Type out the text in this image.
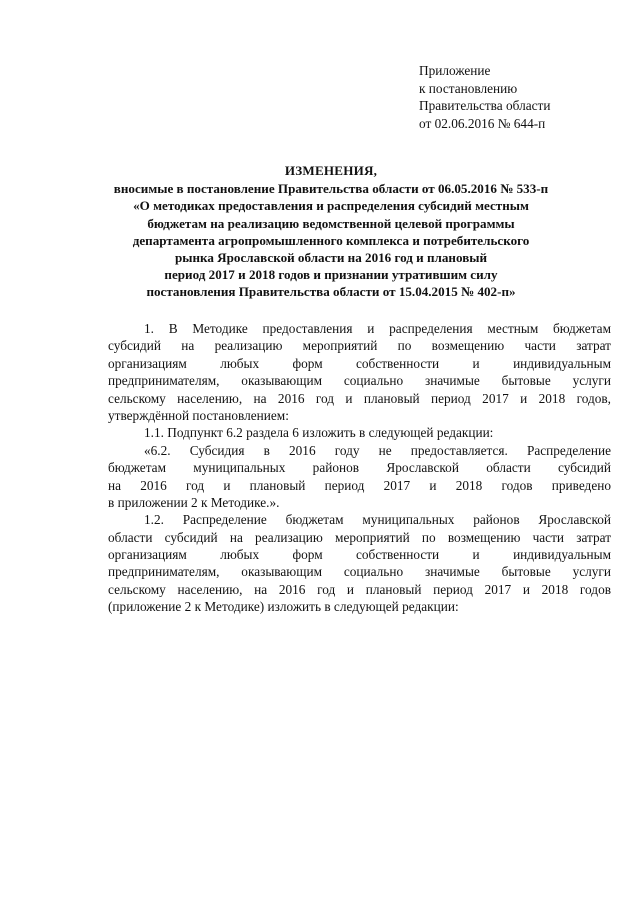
Приложение
к постановлению
Правительства области
от 02.06.2016 № 644-п
ИЗМЕНЕНИЯ,
вносимые в постановление Правительства области от 06.05.2016 № 533-п
«О методиках предоставления и распределения субсидий местным
бюджетам на реализацию ведомственной целевой программы
департамента агропромышленного комплекса и потребительского
рынка Ярославской области на 2016 год и плановый
период 2017 и 2018 годов и признании утратившим силу
постановления Правительства области от 15.04.2015 № 402-п»
1. В Методике предоставления и распределения местным бюджетам
субсидий на реализацию мероприятий по возмещению части затрат
организациям любых форм собственности и индивидуальным
предпринимателям, оказывающим социально значимые бытовые услуги
сельскому населению, на 2016 год и плановый период 2017 и 2018 годов,
утверждённой постановлением:
1.1. Подпункт 6.2 раздела 6 изложить в следующей редакции:
«6.2. Субсидия в 2016 году не предоставляется. Распределение
бюджетам муниципальных районов Ярославской области субсидий
на 2016 год и плановый период 2017 и 2018 годов приведено
в приложении 2 к Методике.».
1.2. Распределение бюджетам муниципальных районов Ярославской
области субсидий на реализацию мероприятий по возмещению части затрат
организациям любых форм собственности и индивидуальным
предпринимателям, оказывающим социально значимые бытовые услуги
сельскому населению, на 2016 год и плановый период 2017 и 2018 годов
(приложение 2 к Методике) изложить в следующей редакции:
